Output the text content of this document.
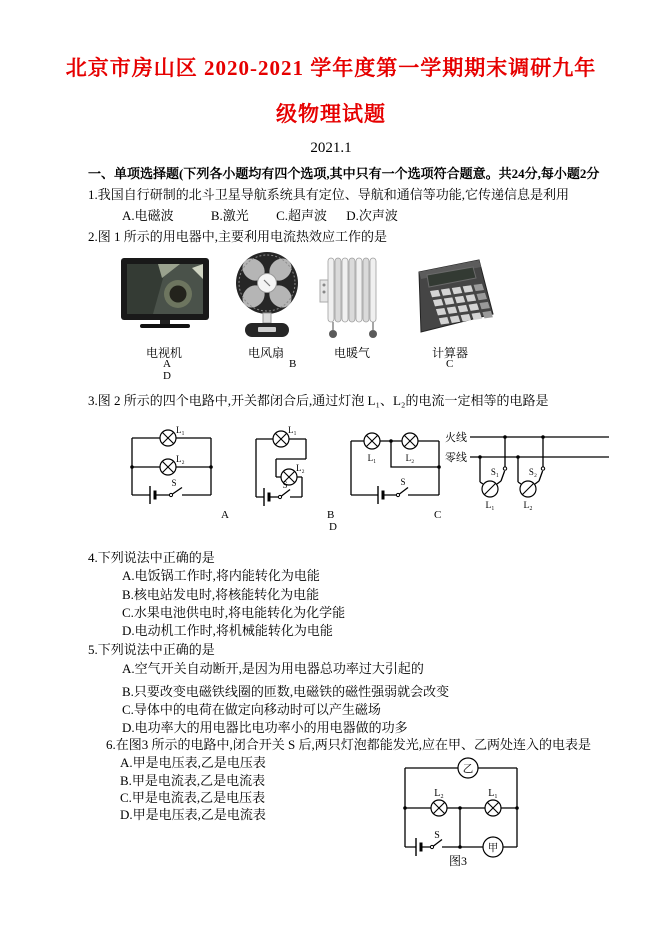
北京市房山区 2020-2021 学年度第一学期期末调研九年
级物理试题
2021.1
一、单项选择题(下列各小题均有四个选项,其中只有一个选项符合题意。共24分,每小题2分
1.我国自行研制的北斗卫星导航系统具有定位、导航和通信等功能,它传递信息是利用
A.电磁波	B.激光 C.超声波 D.次声波
2.图 1 所示的用电器中,主要利用电流热效应工作的是
电视机	电风扇	电暖气	计算器
A
D
B	C
3.图 2 所示的四个电路中,开关都闭合后,通过灯泡 L₁、L₂的电流一定相等的电路是
L₁
L₂
S
L₁
L₂
S
L₁	L₂
S
火线
零线
S₁	S₂
L₁	L₂
A	B	C
D
4.下列说法中正确的是
A.电饭锅工作时,将内能转化为电能
B.核电站发电时,将核能转化为电能
C.水果电池供电时,将电能转化为化学能
D.电动机工作时,将机械能转化为电能
5.下列说法中正确的是
A.空气开关自动断开,是因为用电器总功率过大引起的
B.只要改变电磁铁线圈的匝数,电磁铁的磁性强弱就会改变
C.导体中的电荷在做定向移动时可以产生磁场
D.电功率大的用电器比电功率小的用电器做的功多
6.在图3 所示的电路中,闭合开关 S 后,两只灯泡都能发光,应在甲、乙两处连入的电表是
A.甲是电压表,乙是电压表
B.甲是电流表,乙是电流表
C.甲是电流表,乙是电压表
D.甲是电压表,乙是电流表
乙
L₂	L₁
S
甲
图3
